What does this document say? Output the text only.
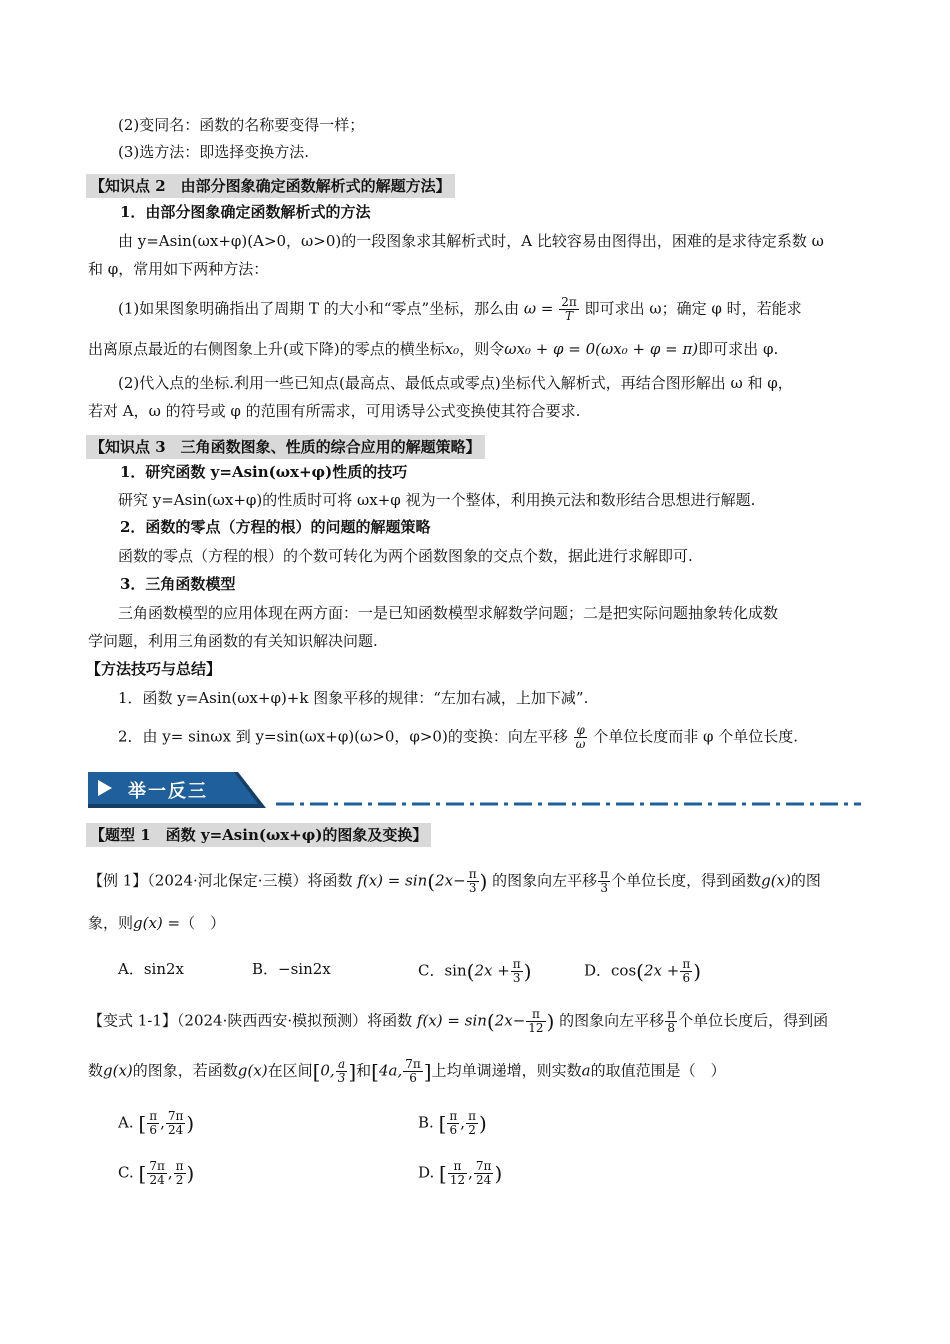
(2)变同名：函数的名称要变得一样；
(3)选方法：即选择变换方法.
【知识点 2　由部分图象确定函数解析式的解题方法】
1．由部分图象确定函数解析式的方法
由 y=Asin(ωx+φ)(A>0，ω>0)的一段图象求其解析式时，A 比较容易由图得出，困难的是求待定系数 ω
和 φ，常用如下两种方法：
(1)如果图象明确指出了周期 T 的大小和“零点”坐标，那么由 $\omega = \frac{2\pi}{T}$ 即可求出 ω；确定 φ 时，若能求
出离原点最近的右侧图象上升(或下降)的零点的横坐标x₀，则令ωx₀ + φ = 0(ωx₀ + φ = π)即可求出 φ.
(2)代入点的坐标.利用一些已知点(最高点、最低点或零点)坐标代入解析式，再结合图形解出 ω 和 φ，
若对 A，ω 的符号或 φ 的范围有所需求，可用诱导公式变换使其符合要求.
【知识点 3　三角函数图象、性质的综合应用的解题策略】
1．研究函数 y=Asin(ωx+φ)性质的技巧
研究 y=Asin(ωx+φ)的性质时可将 ωx+φ 视为一个整体，利用换元法和数形结合思想进行解题.
2．函数的零点（方程的根）的问题的解题策略
函数的零点（方程的根）的个数可转化为两个函数图象的交点个数，据此进行求解即可.
3．三角函数模型
三角函数模型的应用体现在两方面：一是已知函数模型求解数学问题；二是把实际问题抽象转化成数
学问题，利用三角函数的有关知识解决问题.
【方法技巧与总结】
1．函数 y=Asin(ωx+φ)+k 图象平移的规律：“左加右减，上加下减”.
2．由 y= sinωx 到 y=sin(ωx+φ)(ω>0，φ>0)的变换：向左平移 $\frac{\varphi}{\omega}$ 个单位长度而非 φ 个单位长度.
举一反三
【题型 1　函数 y=Asin(ωx+φ)的图象及变换】
【例 1】（2024·河北保定·三模）将函数 $f(x) = \sin(2x- \frac{\pi}{3}$ ) 的图象向左平移 $\frac{\pi}{3}$ 个单位长度，得到函数g(x)的图
象，则g(x) =（　）
A．sin2x	B．−sin2x	C．$\sin(2x + \frac{\pi}{3}$ )	D．$\cos(2x + \frac{\pi}{6}$ )
【变式 1-1】（2024·陕西西安·模拟预测）将函数 $f(x) = \sin(2x- \frac{\pi}{12}$ ) 的图象向左平移 $\frac{\pi}{8}$ 个单位长度后，得到函
数g(x)的图象，若函数g(x)在区间[0, $\frac{a}{3}$ ]和[4a, $\frac{7\pi}{6}$ ]上均单调递增，则实数a的取值范围是（　）
A. [ $\frac{\pi}{6}$ , $\frac{7\pi}{24}$ )	B. [ $\frac{\pi}{6}$ , $\frac{\pi}{2}$ )
C. [ $\frac{7\pi}{24}$ , $\frac{\pi}{2}$ )	D. [ $\frac{\pi}{12}$ , $\frac{7\pi}{24}$ )
